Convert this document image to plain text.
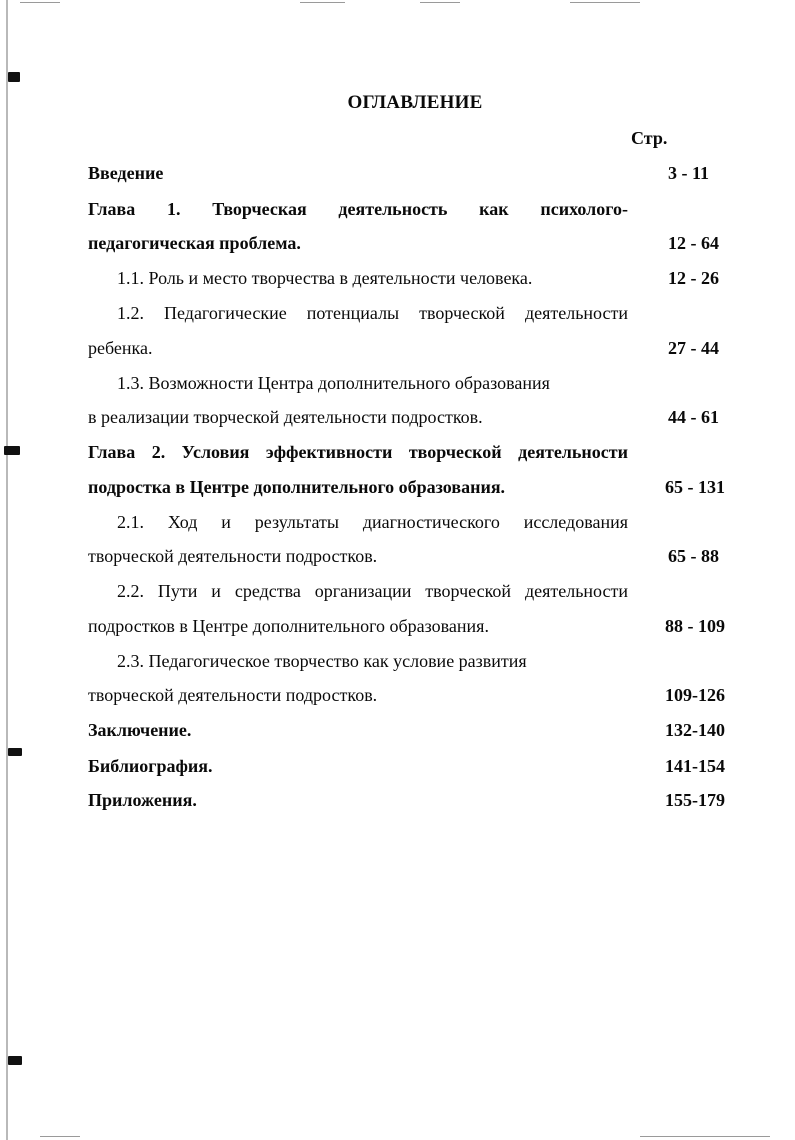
ОГЛАВЛЕНИЕ
Стр.
Введение	3 - 11
Глава 1. Творческая деятельность как психолого-
педагогическая проблема.	12 - 64
1.1. Роль и место творчества в деятельности человека.	12 - 26
1.2. Педагогические потенциалы творческой деятельности
ребенка.	27 - 44
1.3. Возможности Центра дополнительного образования
в реализации творческой деятельности подростков.	44 - 61
Глава 2. Условия эффективности творческой деятельности
подростка в Центре дополнительного образования.	65 - 131
2.1. Ход и результаты диагностического исследования
творческой деятельности подростков.	65 - 88
2.2. Пути и средства организации творческой деятельности
подростков в Центре дополнительного образования.	88 - 109
2.3. Педагогическое творчество как условие развития
творческой деятельности подростков.	109-126
Заключение.	132-140
Библиография.	141-154
Приложения.	155-179
